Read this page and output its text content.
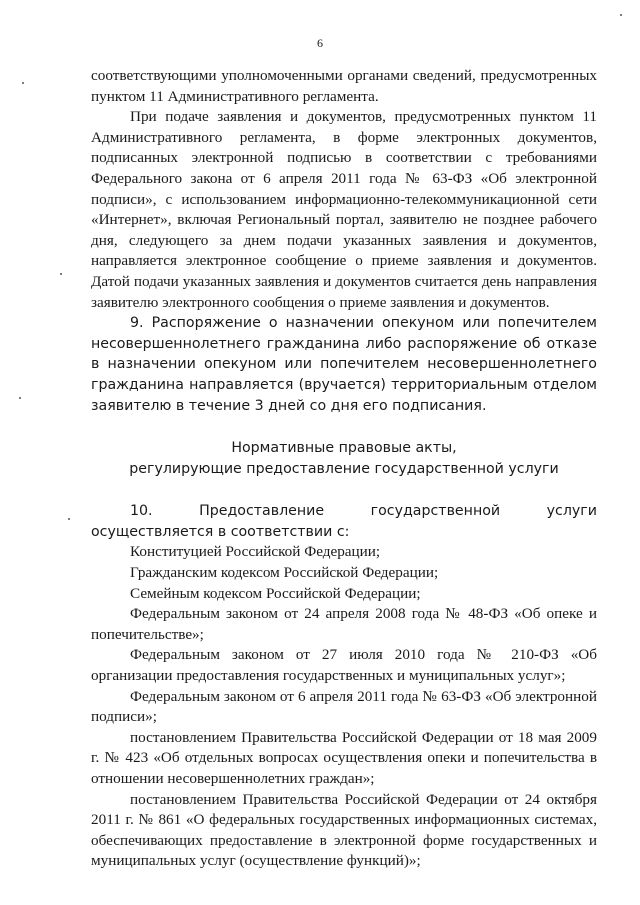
6

соответствующими уполномоченными органами сведений, предусмотренных пунктом 11 Административного регламента.

При подаче заявления и документов, предусмотренных пунктом 11 Административного регламента, в форме электронных документов, подписанных электронной подписью в соответствии с требованиями Федерального закона от 6 апреля 2011 года № 63-ФЗ «Об электронной подписи», с использованием информационно-телекоммуникационной сети «Интернет», включая Региональный портал, заявителю не позднее рабочего дня, следующего за днем подачи указанных заявления и документов, направляется электронное сообщение о приеме заявления и документов. Датой подачи указанных заявления и документов считается день направления заявителю электронного сообщения о приеме заявления и документов.

9. Распоряжение о назначении опекуном или попечителем несовершеннолетнего гражданина либо распоряжение об отказе в назначении опекуном или попечителем несовершеннолетнего гражданина направляется (вручается) территориальным отделом заявителю в течение 3 дней со дня его подписания.

Нормативные правовые акты,
регулирующие предоставление государственной услуги

10. Предоставление государственной услуги осуществляется в соответствии с:

Конституцией Российской Федерации;

Гражданским кодексом Российской Федерации;

Семейным кодексом Российской Федерации;

Федеральным законом от 24 апреля 2008 года № 48-ФЗ «Об опеке и попечительстве»;

Федеральным законом от 27 июля 2010 года № 210-ФЗ «Об организации предоставления государственных и муниципальных услуг»;

Федеральным законом от 6 апреля 2011 года № 63-ФЗ «Об электронной подписи»;

постановлением Правительства Российской Федерации от 18 мая 2009 г. № 423 «Об отдельных вопросах осуществления опеки и попечительства в отношении несовершеннолетних граждан»;

постановлением Правительства Российской Федерации от 24 октября 2011 г. № 861 «О федеральных государственных информационных системах, обеспечивающих предоставление в электронной форме государственных и муниципальных услуг (осуществление функций)»;
